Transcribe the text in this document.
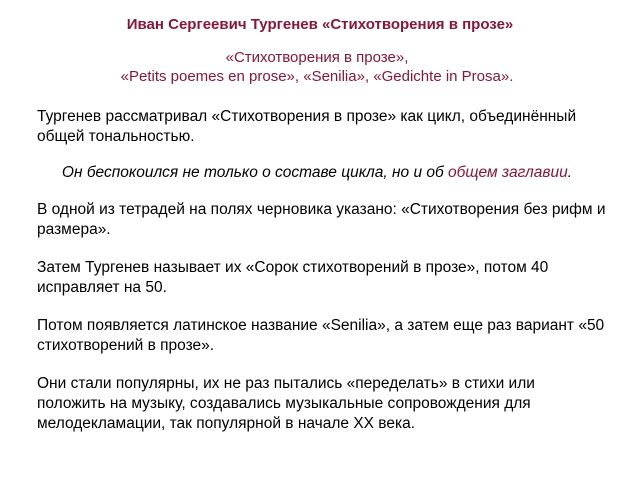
Иван Сергеевич Тургенев «Стихотворения в прозе»
«Стихотворения в прозе»,
«Petits poemes en prose», «Senilia», «Gedichte in Prosa».
Тургенев рассматривал «Стихотворения в прозе» как цикл, объединённый общей тональностью.
Он беспокоился не только о составе цикла, но и об общем заглавии.
В одной из тетрадей на полях черновика указано: «Стихотворения без рифм и размера».
Затем Тургенев называет их «Сорок стихотворений в прозе», потом 40 исправляет на 50.
Потом появляется латинское название «Senilia», а затем еще раз вариант «50 стихотворений в прозе».
Они стали популярны, их не раз пытались «переделать» в стихи или положить на музыку, создавались музыкальные сопровождения для мелодекламации, так популярной в начале XX века.
